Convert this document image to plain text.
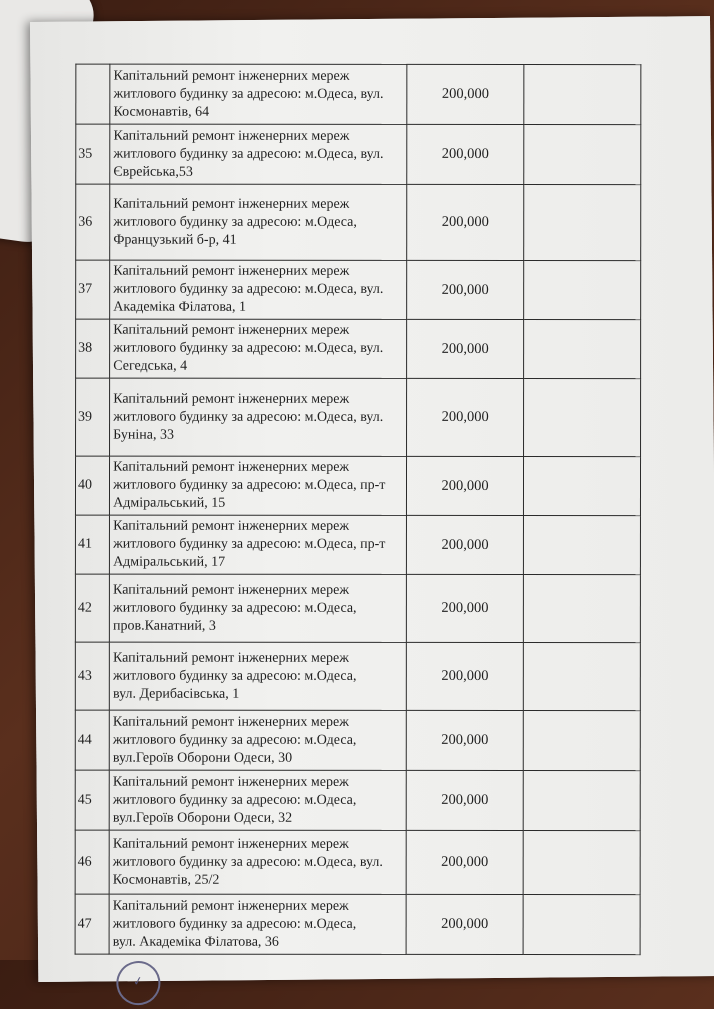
	Капітальний ремонт інженерних мереж
житлового будинку за адресою: м.Одеса, вул.
Космонавтів, 64	200,000	
35	Капітальний ремонт інженерних мереж
житлового будинку за адресою: м.Одеса, вул.
Єврейська,53	200,000	
36	Капітальний ремонт інженерних мереж
житлового будинку за адресою: м.Одеса,
Французький б-р, 41	200,000	
37	Капітальний ремонт інженерних мереж
житлового будинку за адресою: м.Одеса, вул.
Академіка Філатова, 1	200,000	
38	Капітальний ремонт інженерних мереж
житлового будинку за адресою: м.Одеса, вул.
Сегедська, 4	200,000	
39	Капітальний ремонт інженерних мереж
житлового будинку за адресою: м.Одеса, вул.
Буніна, 33	200,000	
40	Капітальний ремонт інженерних мереж
житлового будинку за адресою: м.Одеса, пр-т
Адміральський, 15	200,000	
41	Капітальний ремонт інженерних мереж
житлового будинку за адресою: м.Одеса, пр-т
Адміральський, 17	200,000	
42	Капітальний ремонт інженерних мереж
житлового будинку за адресою: м.Одеса,
пров.Канатний, 3	200,000	
43	Капітальний ремонт інженерних мереж
житлового будинку за адресою: м.Одеса,
вул. Дерибасівська, 1	200,000	
44	Капітальний ремонт інженерних мереж
житлового будинку за адресою: м.Одеса,
вул.Героїв Оборони Одеси, 30	200,000	
45	Капітальний ремонт інженерних мереж
житлового будинку за адресою: м.Одеса,
вул.Героїв Оборони Одеси, 32	200,000	
46	Капітальний ремонт інженерних мереж
житлового будинку за адресою: м.Одеса, вул.
Космонавтів, 25/2	200,000	
47	Капітальний ремонт інженерних мереж
житлового будинку за адресою: м.Одеса,
вул. Академіка Філатова, 36	200,000	
✓
